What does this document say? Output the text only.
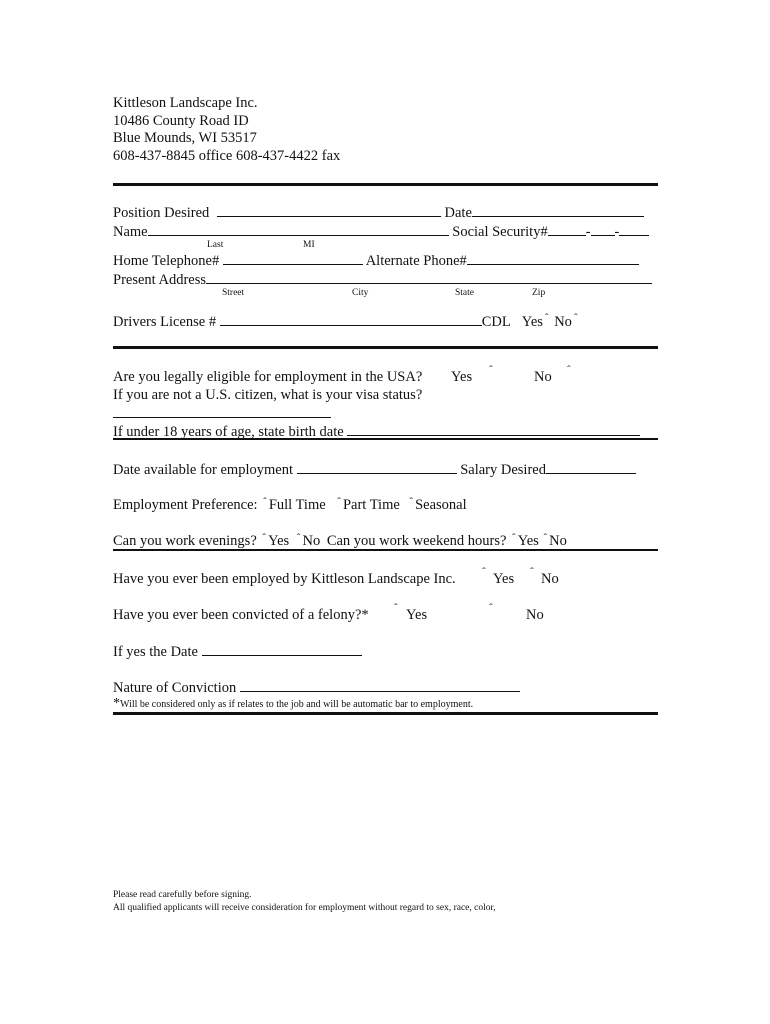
Kittleson Landscape Inc.
10486 County Road ID
Blue Mounds, WI 53517
608-437-8845 office 608-437-4422 fax
Position Desired	Date
Name	Social Security#	- -
Last	MI
Home Telephone#	Alternate Phone#
Present Address
Street	City	State	Zip
Drivers License #	CDL Yes $^ˆ$ No $^ˆ$
Are you legally eligible for employment in the USA? Yes $^ˆ$	No $^ˆ$
If you are not a U.S. citizen, what is your visa status?
If under 18 years of age, state birth date
Date available for employment	Salary Desired
Employment Preference: $^ˆ$ Full Time $^ˆ$ Part Time $^ˆ$ Seasonal
Can you work evenings? $^ˆ$ Yes $^ˆ$ No Can you work weekend hours? $^ˆ$ Yes $^ˆ$ No
Have you ever been employed by Kittleson Landscape Inc. $^ˆ$ Yes $^ˆ$ No
Have you ever been convicted of a felony?* $^ˆ$ Yes	$^ˆ$ No
If yes the Date
Nature of Conviction
*Will be considered only as if relates to the job and will be automatic bar to employment.
Please read carefully before signing.
All qualified applicants will receive consideration for employment without regard to sex, race, color,
